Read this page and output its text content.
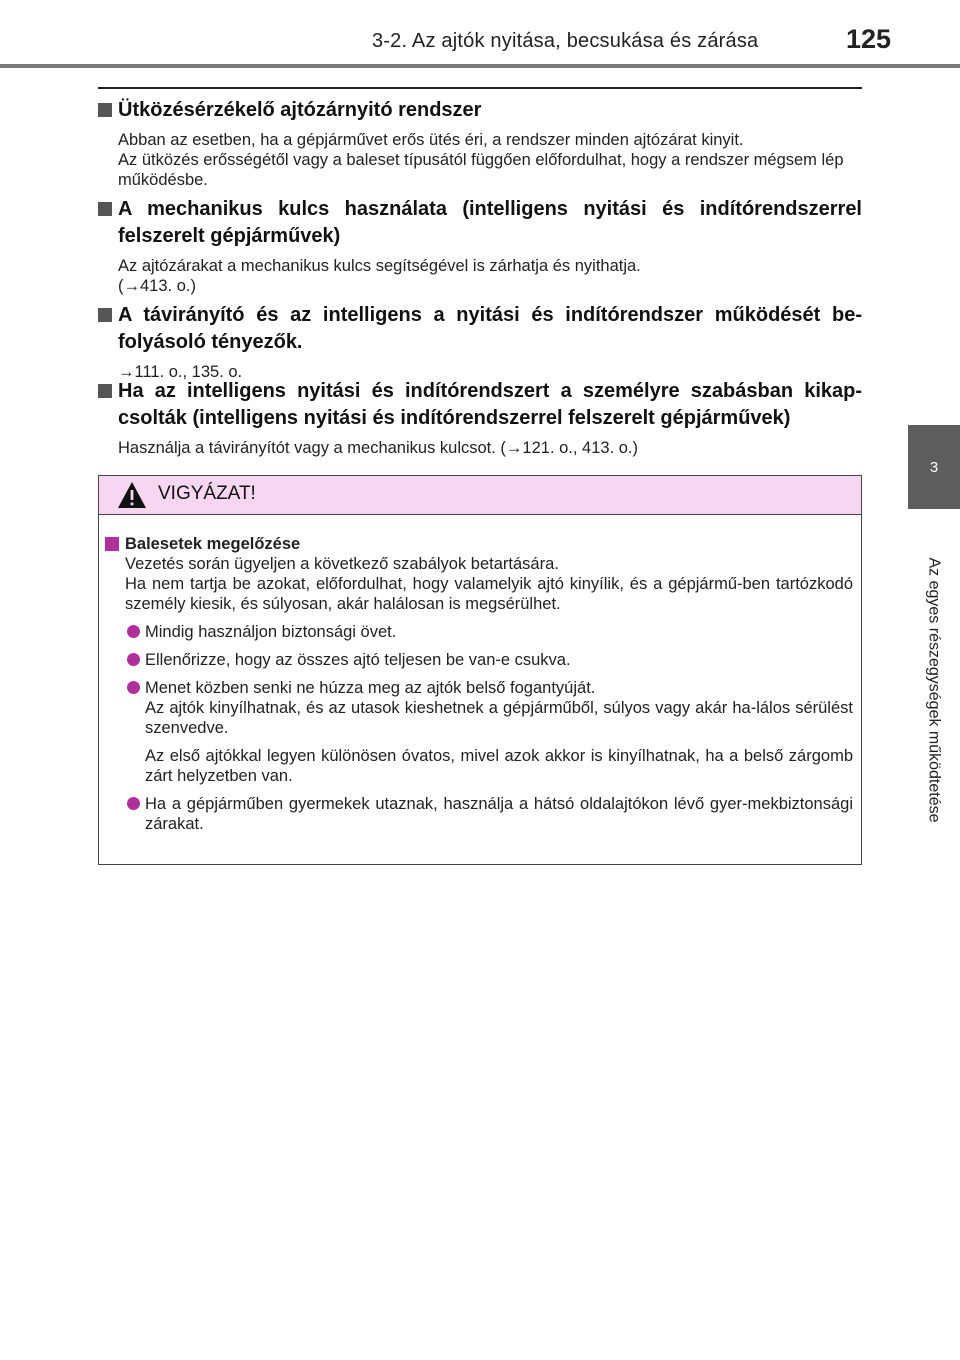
3-2. Az ajtók nyitása, becsukása és zárása	125
3
Az egyes részegységek működtetése
Ütközésérzékelő ajtózárnyitó rendszer

Abban az esetben, ha a gépjárművet erős ütés éri, a rendszer minden ajtózárat kinyit.

Az ütközés erősségétől vagy a baleset típusától függően előfordulhat, hogy a rendszer mégsem lép működésbe.

A mechanikus kulcs használata (intelligens nyitási és indítórendszerrel felszerelt gépjárművek)

Az ajtózárakat a mechanikus kulcs segítségével is zárhatja és nyithatja.

(→413. o.)

A távirányító és az intelligens a nyitási és indítórendszer működését be-folyásoló tényezők.

→111. o., 135. o.

Ha az intelligens nyitási és indítórendszert a személyre szabásban kikap-csolták (intelligens nyitási és indítórendszerrel felszerelt gépjárművek)

Használja a távirányítót vagy a mechanikus kulcsot. (→121. o., 413. o.)

VIGYÁZAT!
Balesetek megelőzése

Vezetés során ügyeljen a következő szabályok betartására.

Ha nem tartja be azokat, előfordulhat, hogy valamelyik ajtó kinyílik, és a gépjármű-ben tartózkodó személy kiesik, és súlyosan, akár halálosan is megsérülhet.

Mindig használjon biztonsági övet.

Ellenőrizze, hogy az összes ajtó teljesen be van-e csukva.

Menet közben senki ne húzza meg az ajtók belső fogantyúját.

Az ajtók kinyílhatnak, és az utasok kieshetnek a gépjárműből, súlyos vagy akár ha-lálos sérülést szenvedve.

Az első ajtókkal legyen különösen óvatos, mivel azok akkor is kinyílhatnak, ha a belső zárgomb zárt helyzetben van.

Ha a gépjárműben gyermekek utaznak, használja a hátsó oldalajtókon lévő gyer-mekbiztonsági zárakat.
